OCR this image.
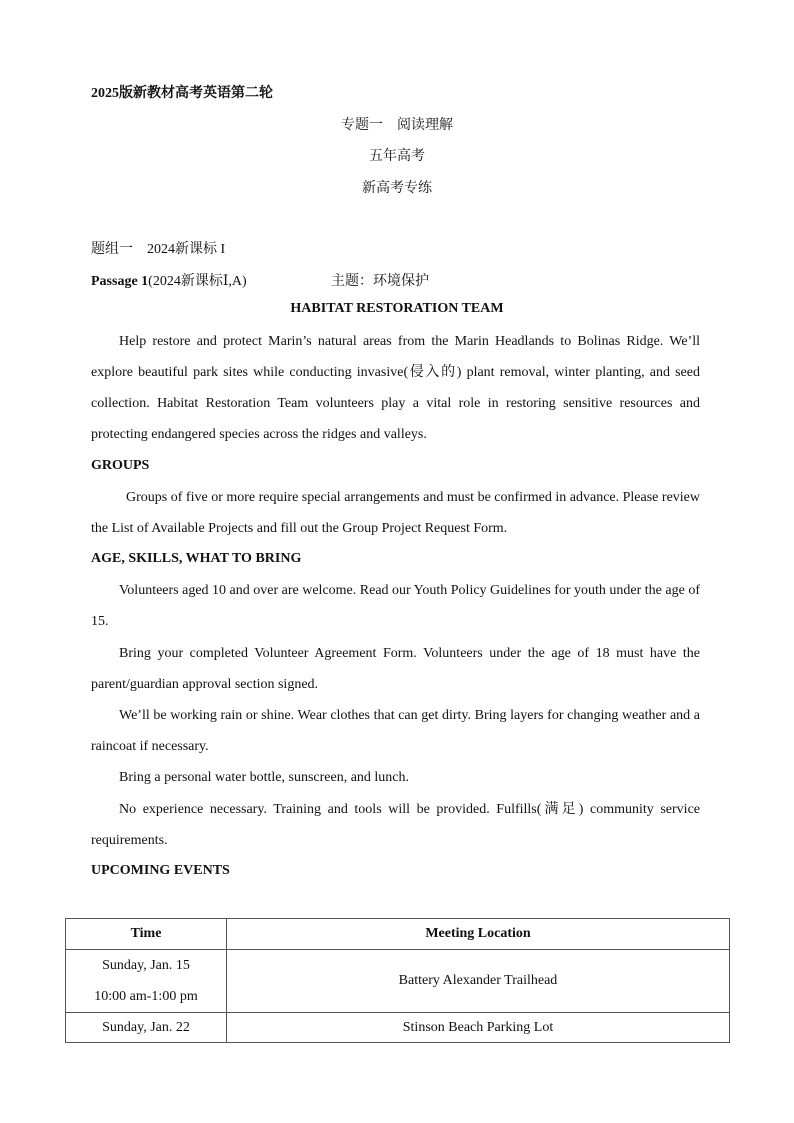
2025版新教材高考英语第二轮
专题一　阅读理解
五年高考
新高考专练
题组一　2024新课标 I
Passage 1(2024新课标Ⅰ,A)	主题：环境保护
HABITAT RESTORATION TEAM
Help restore and protect Marin’s natural areas from the Marin Headlands to Bolinas Ridge. We’ll explore beautiful park sites while conducting invasive(侵入的) plant removal, winter planting, and seed collection. Habitat Restoration Team volunteers play a vital role in restoring sensitive resources and protecting endangered species across the ridges and valleys.
GROUPS
Groups of five or more require special arrangements and must be confirmed in advance. Please review the List of Available Projects and fill out the Group Project Request Form.
AGE, SKILLS, WHAT TO BRING
Volunteers aged 10 and over are welcome. Read our Youth Policy Guidelines for youth under the age of 15.
Bring your completed Volunteer Agreement Form. Volunteers under the age of 18 must have the parent/guardian approval section signed.
We’ll be working rain or shine. Wear clothes that can get dirty. Bring layers for changing weather and a raincoat if necessary.
Bring a personal water bottle, sunscreen, and lunch.
No experience necessary. Training and tools will be provided. Fulfills(满足) community service requirements.
UPCOMING EVENTS
Time	Meeting Location

Sunday, Jan. 15
10:00 am-1:00 pm	Battery Alexander Trailhead

Sunday, Jan. 22	Stinson Beach Parking Lot
